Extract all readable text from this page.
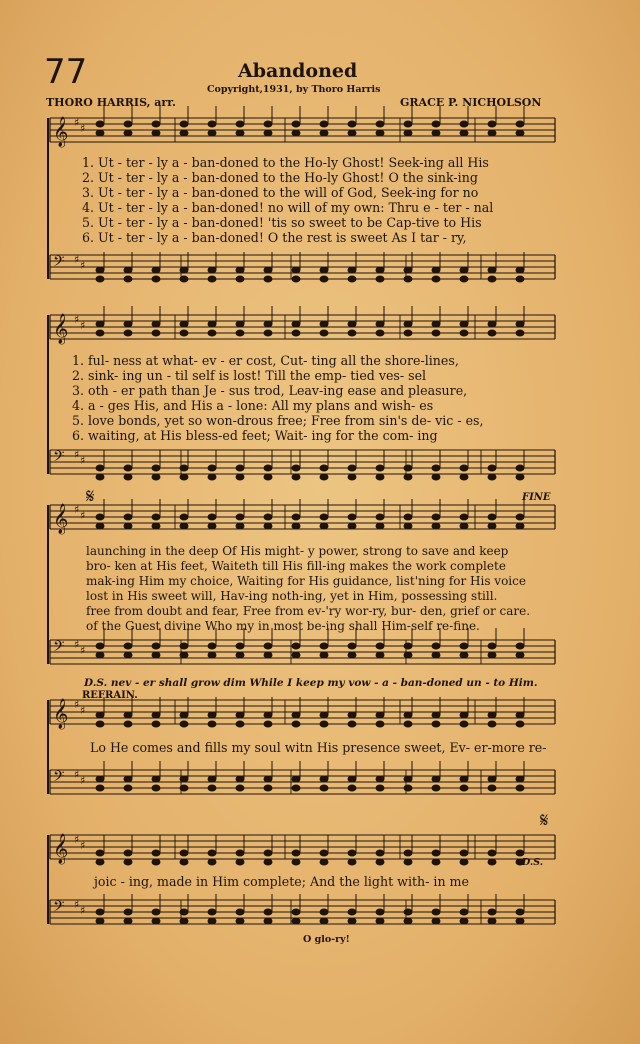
77	Abandoned
Copyright,1931, by Thoro Harris
THORO HARRIS, arr.	GRACE P. NICHOLSON
𝄞 ♯ ♯
𝄢 ♯ ♯
𝄞 ♯ ♯
𝄢 ♯ ♯
𝄞 ♯ ♯
𝄢 ♯ ♯
𝄞 ♯ ♯
𝄢 ♯ ♯
𝄞 ♯ ♯
𝄢 ♯ ♯
1. Ut - ter - ly a - ban-doned to the Ho-ly Ghost! Seek-ing all His
2. Ut - ter - ly a - ban-doned to the Ho-ly Ghost! O the sink-ing
3. Ut - ter - ly a - ban-doned to the will of God, Seek-ing for no
4. Ut - ter - ly a - ban-doned! no will of my own: Thru e - ter - nal
5. Ut - ter - ly a - ban-doned! 'tis so sweet to be Cap-tive to His
6. Ut - ter - ly a - ban-doned! O the rest is sweet As I tar - ry,
1. ful- ness at what- ev - er cost, Cut- ting all the shore-lines,
2. sink- ing un - til self is lost! Till the emp- tied ves- sel
3. oth - er path than Je - sus trod, Leav-ing ease and pleasure,
4. a - ges His, and His a - lone: All my plans and wish- es
5. love bonds, yet so won-drous free; Free from sin's de- vic - es,
6. waiting, at His bless-ed feet; Wait- ing for the com- ing
𝄋	FINE
launching in the deep Of His might- y power, strong to save and keep
bro- ken at His feet, Waiteth till His fill-ing makes the work complete
mak-ing Him my choice, Waiting for His guidance, list'ning for His voice
lost in His sweet will, Hav-ing noth-ing, yet in Him, possessing still.
free from doubt and fear, Free from ev-'ry wor-ry, bur- den, grief or care.
of the Guest divine Who my in most be-ing shall Him-self re-fine.
D.S. nev - er shall grow dim While I keep my vow - a - ban-doned un - to Him.
REFRAIN.
Lo He comes and fills my soul witn His presence sweet, Ev- er-more re-
joic - ing, made in Him complete; And the light with- in me
𝄋
D.S.
O glo-ry!
